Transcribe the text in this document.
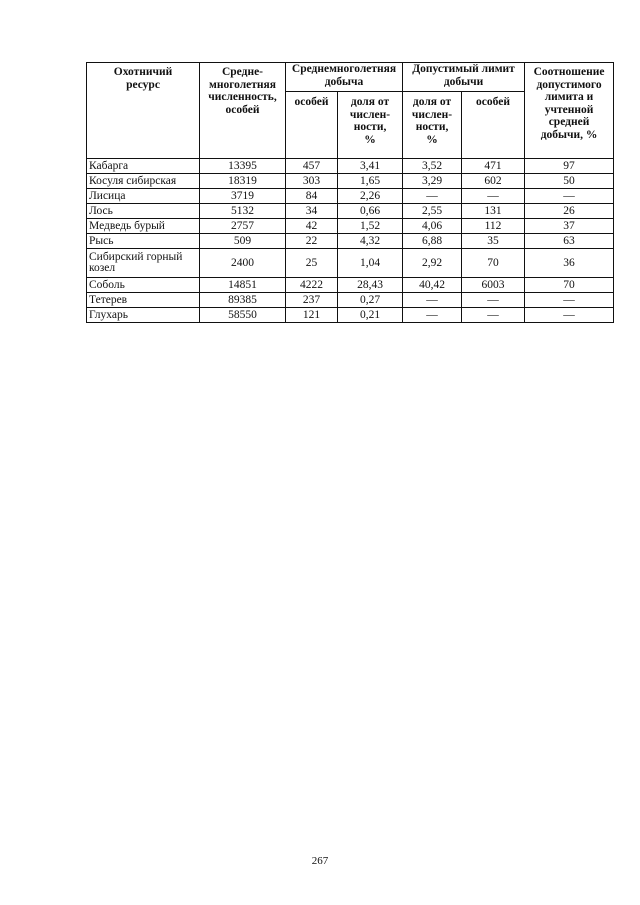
Охотничий ресурс	Средне-многолетняя численность, особей	Среднемноголетняя добыча		Допустимый лимит добычи		Соотношение допустимого лимита и учтенной средней добычи, %
		особей	доля от числен-ности, %	доля от числен-ности, %	особей	
Кабарга	13395	457	3,41	3,52	471	97
Косуля сибирская	18319	303	1,65	3,29	602	50
Лисица	3719	84	2,26	—	—	—
Лось	5132	34	0,66	2,55	131	26
Медведь бурый	2757	42	1,52	4,06	112	37
Рысь	509	22	4,32	6,88	35	63
Сибирский горный козел	2400	25	1,04	2,92	70	36
Соболь	14851	4222	28,43	40,42	6003	70
Тетерев	89385	237	0,27	—	—	—
Глухарь	58550	121	0,21	—	—	—
267
